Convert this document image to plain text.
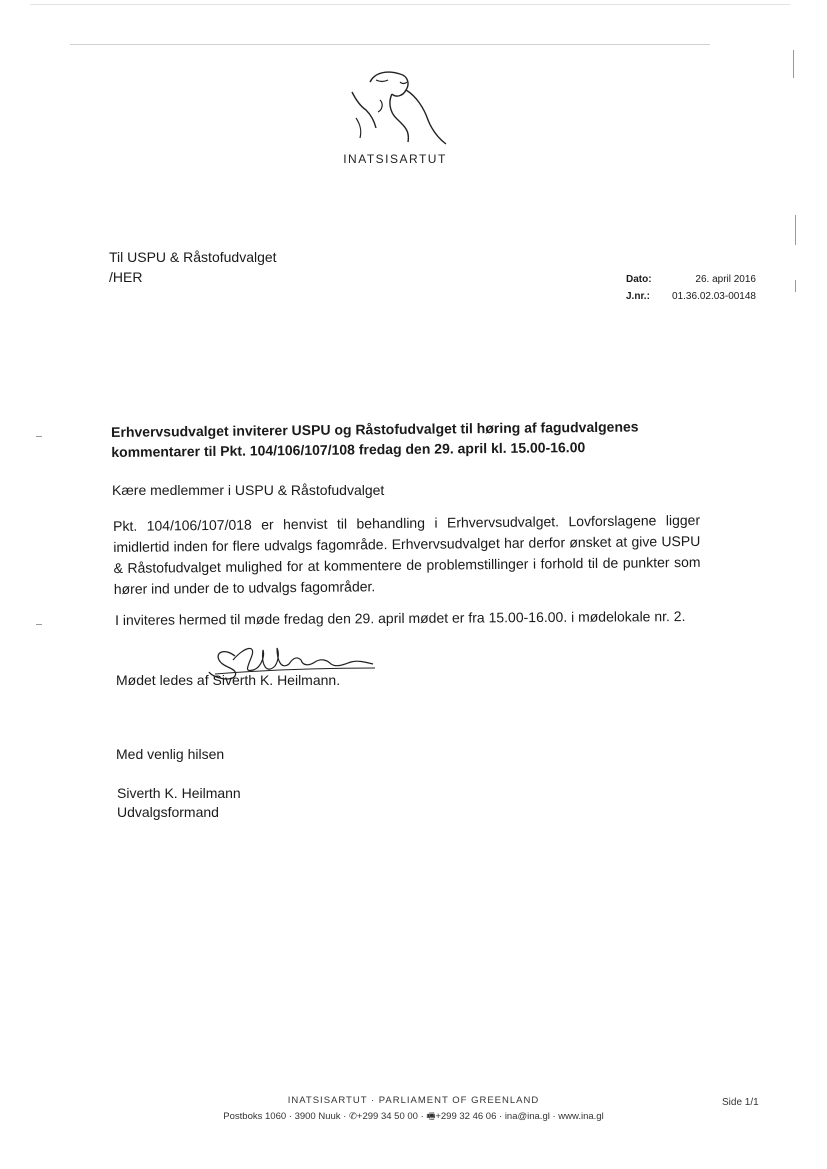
INATSISARTUT
Til USPU & Råstofudvalget
/HER	Dato:	26. april 2016
J.nr.: 01.36.02.03-00148
Erhvervsudvalget inviterer USPU og Råstofudvalget til høring af fagudvalgenes
kommentarer til Pkt. 104/106/107/108 fredag den 29. april kl. 15.00-16.00
Kære medlemmer i USPU & Råstofudvalget
Pkt. 104/106/107/018 er henvist til behandling i Erhvervsudvalget. Lovforslagene ligger imidlertid inden for flere udvalgs fagområde. Erhvervsudvalget har derfor ønsket at give USPU & Råstofudvalget mulighed for at kommentere de problemstillinger i forhold til de punkter som hører ind under de to udvalgs fagområder.
I inviteres hermed til møde fredag den 29. april mødet er fra 15.00-16.00. i mødelokale nr. 2.
Mødet ledes af Siverth K. Heilmann.
Med venlig hilsen
Siverth K. Heilmann
Udvalgsformand
INATSISARTUT · PARLIAMENT OF GREENLAND
Postboks 1060 · 3900 Nuuk · ✆+299 34 50 00 · 🖷+299 32 46 06 · ina@ina.gl · www.ina.gl
Side 1/1
